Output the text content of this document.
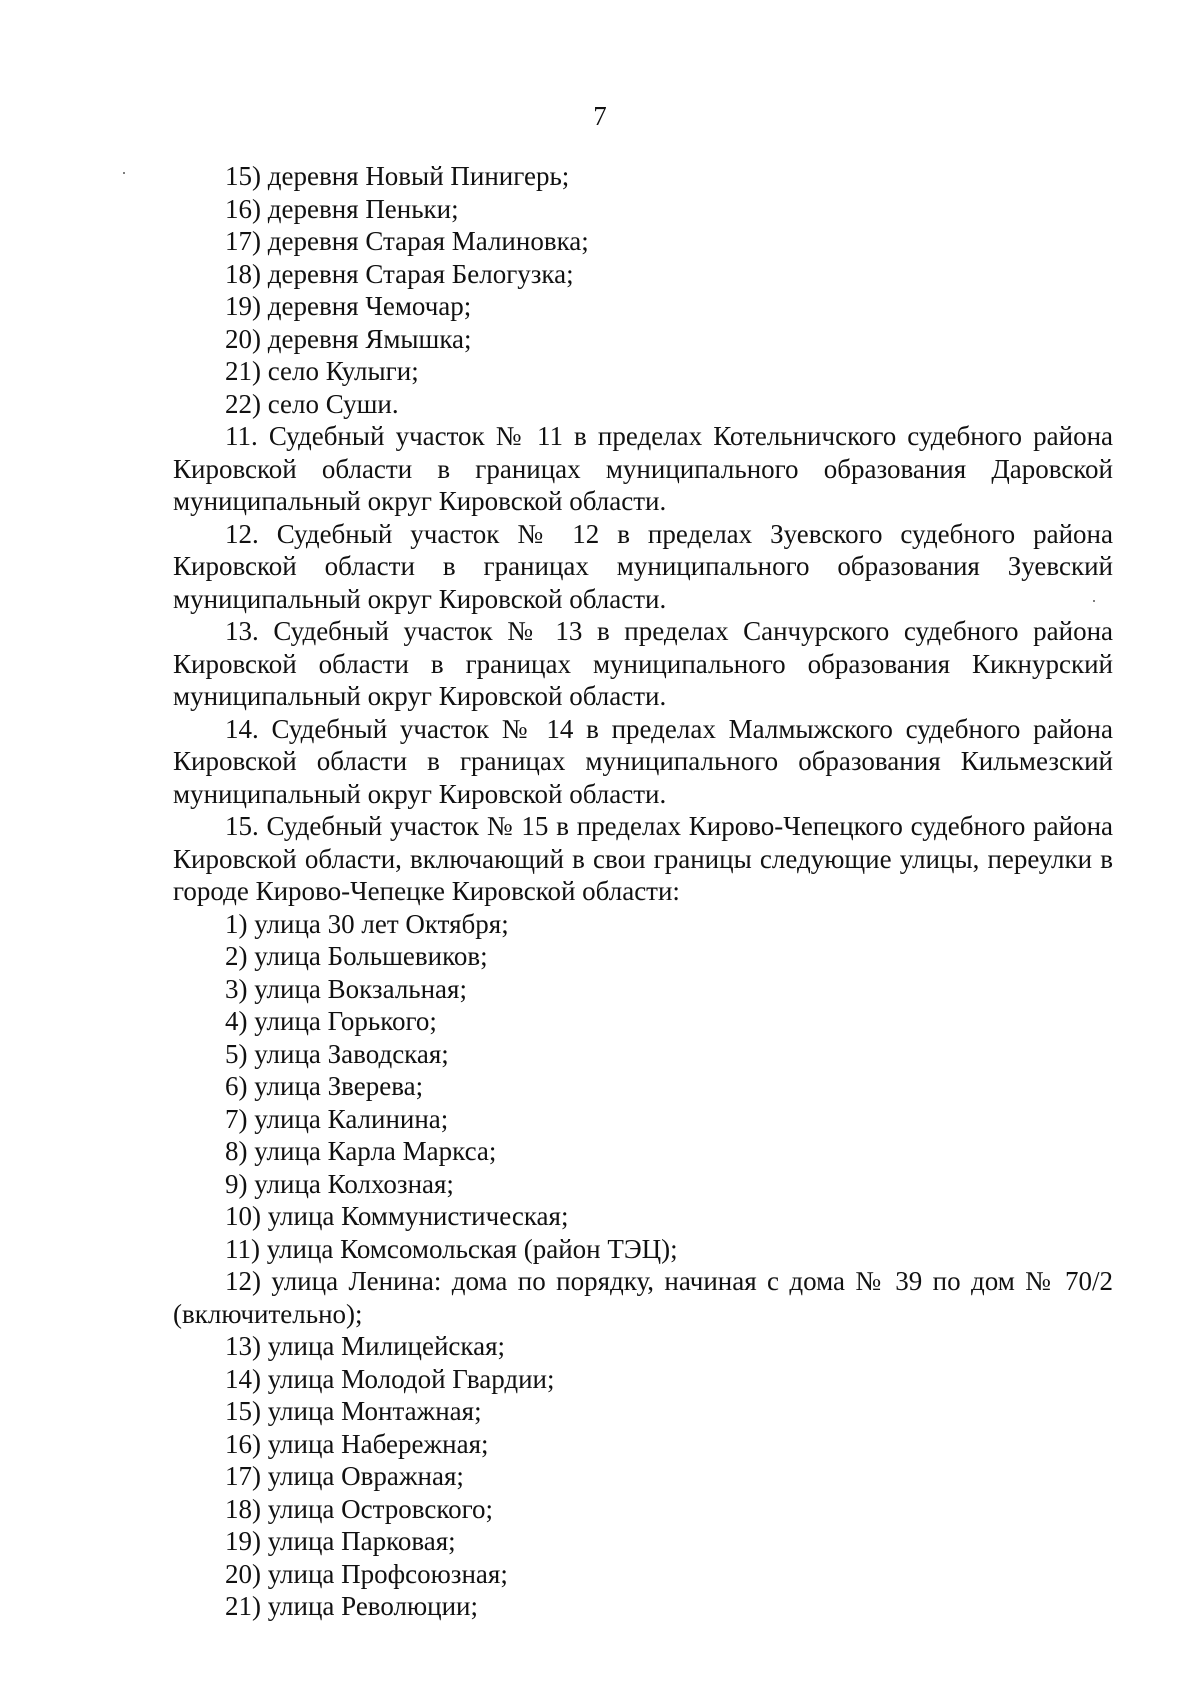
7

15) деревня Новый Пинигерь;

16) деревня Пеньки;

17) деревня Старая Малиновка;

18) деревня Старая Белогузка;

19) деревня Чемочар;

20) деревня Ямышка;

21) село Кулыги;

22) село Суши.

11. Судебный участок № 11 в пределах Котельничского судебного района Кировской области в границах муниципального образования Даровской муниципальный округ Кировской области.

12. Судебный участок № 12 в пределах Зуевского судебного района Кировской области в границах муниципального образования Зуевский муниципальный округ Кировской области.

13. Судебный участок № 13 в пределах Санчурского судебного района Кировской области в границах муниципального образования Кикнурский муниципальный округ Кировской области.

14. Судебный участок № 14 в пределах Малмыжского судебного района Кировской области в границах муниципального образования Кильмезский муниципальный округ Кировской области.

15. Судебный участок № 15 в пределах Кирово-Чепецкого судебного района Кировской области, включающий в свои границы следующие улицы, переулки в городе Кирово-Чепецке Кировской области:

1) улица 30 лет Октября;

2) улица Большевиков;

3) улица Вокзальная;

4) улица Горького;

5) улица Заводская;

6) улица Зверева;

7) улица Калинина;

8) улица Карла Маркса;

9) улица Колхозная;

10) улица Коммунистическая;

11) улица Комсомольская (район ТЭЦ);

12) улица Ленина: дома по порядку, начиная с дома № 39 по дом № 70/2 (включительно);

13) улица Милицейская;

14) улица Молодой Гвардии;

15) улица Монтажная;

16) улица Набережная;

17) улица Овражная;

18) улица Островского;

19) улица Парковая;

20) улица Профсоюзная;

21) улица Революции;
